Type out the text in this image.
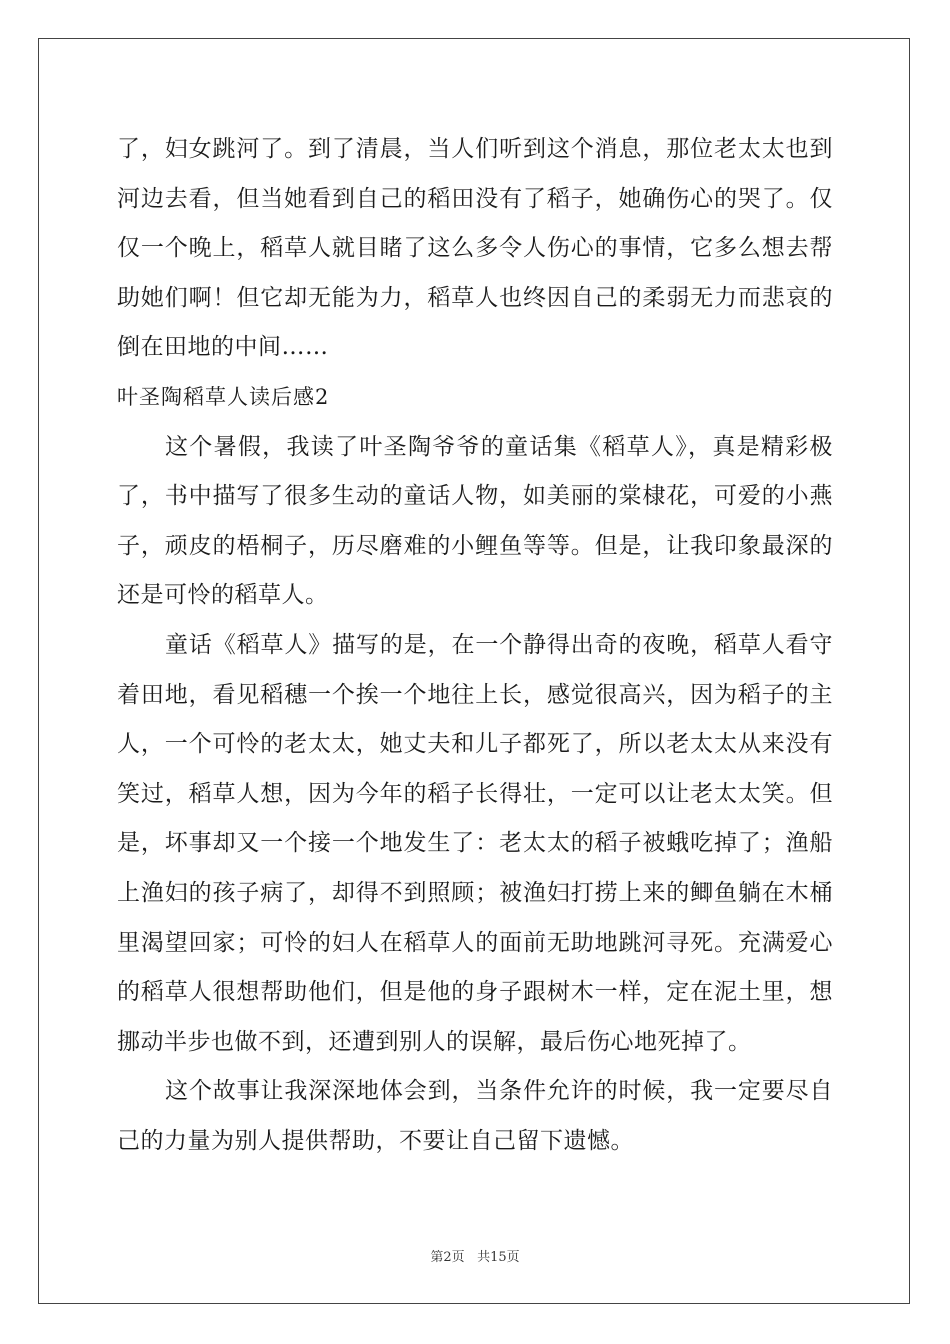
了，妇女跳河了。到了清晨，当人们听到这个消息，那位老太太也到
河边去看，但当她看到自己的稻田没有了稻子，她确伤心的哭了。仅
仅一个晚上，稻草人就目睹了这么多令人伤心的事情，它多么想去帮
助她们啊！但它却无能为力，稻草人也终因自己的柔弱无力而悲哀的
倒在田地的中间……
叶圣陶稻草人读后感2
这个暑假，我读了叶圣陶爷爷的童话集《稻草人》，真是精彩极
了，书中描写了很多生动的童话人物，如美丽的棠棣花，可爱的小燕
子，顽皮的梧桐子，历尽磨难的小鲤鱼等等。但是，让我印象最深的
还是可怜的稻草人。
童话《稻草人》描写的是，在一个静得出奇的夜晚，稻草人看守
着田地，看见稻穗一个挨一个地往上长，感觉很高兴，因为稻子的主
人，一个可怜的老太太，她丈夫和儿子都死了，所以老太太从来没有
笑过，稻草人想，因为今年的稻子长得壮，一定可以让老太太笑。但
是，坏事却又一个接一个地发生了：老太太的稻子被蛾吃掉了；渔船
上渔妇的孩子病了，却得不到照顾；被渔妇打捞上来的鲫鱼躺在木桶
里渴望回家；可怜的妇人在稻草人的面前无助地跳河寻死。充满爱心
的稻草人很想帮助他们，但是他的身子跟树木一样，定在泥土里，想
挪动半步也做不到，还遭到别人的误解，最后伤心地死掉了。
这个故事让我深深地体会到，当条件允许的时候，我一定要尽自
己的力量为别人提供帮助，不要让自己留下遗憾。
第2页 共15页
